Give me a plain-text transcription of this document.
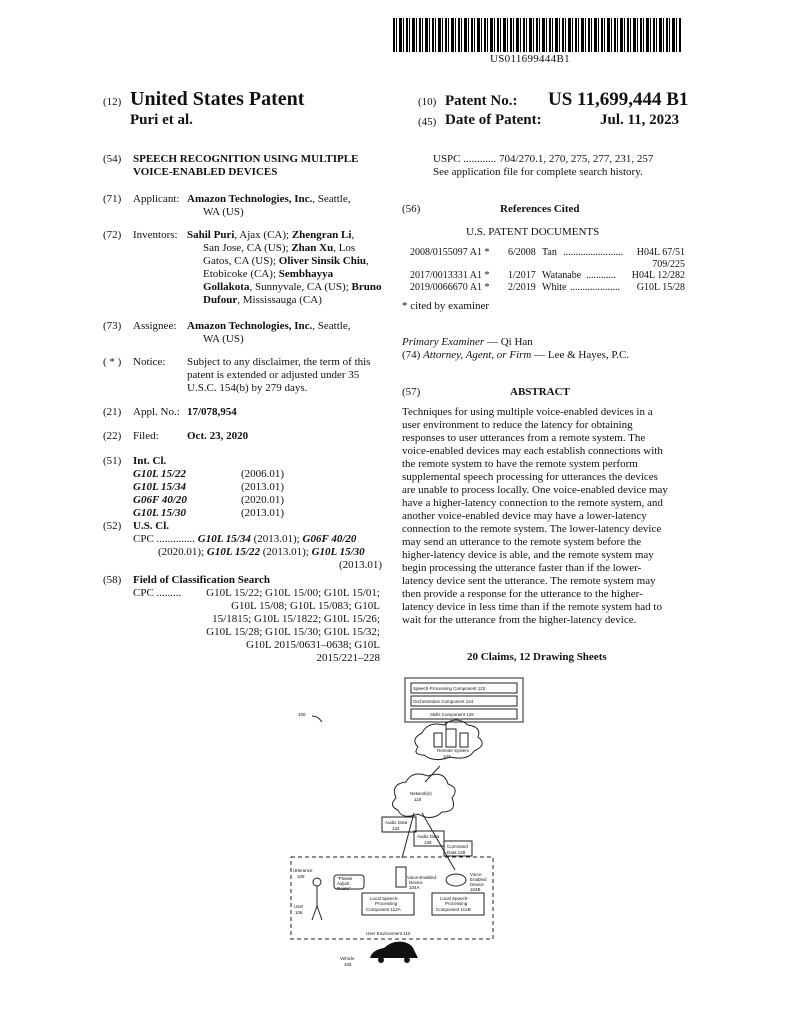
US011699444B1
(12) United States Patent
Puri et al.
(10) Patent No.: US 11,699,444 B1
(45) Date of Patent:	Jul. 11, 2023
(54) SPEECH RECOGNITION USING MULTIPLE
VOICE-ENABLED DEVICES
(71) Applicant: Amazon Technologies, Inc., Seattle,
WA (US)
(72) Inventors: Sahil Puri, Ajax (CA); Zhengran Li,
San Jose, CA (US); Zhan Xu, Los
Gatos, CA (US); Oliver Sinsik Chiu,
Etobicoke (CA); Sembhayya
Gollakota, Sunnyvale, CA (US); Bruno
Dufour, Mississauga (CA)
(73) Assignee: Amazon Technologies, Inc., Seattle,
WA (US)
( * ) Notice: Subject to any disclaimer, the term of this
patent is extended or adjusted under 35
U.S.C. 154(b) by 279 days.
(21) Appl. No.: 17/078,954
(22) Filed:	Oct. 23, 2020
(51) Int. Cl.
G10L 15/22	(2006.01)
G10L 15/34	(2013.01)
G06F 40/20	(2020.01)
G10L 15/30	(2013.01)
(52) U.S. Cl.
CPC .............. G10L 15/34 (2013.01); G06F 40/20
(2020.01); G10L 15/22 (2013.01); G10L 15/30
(2013.01)
(58) Field of Classification Search
CPC .........	G10L 15/22; G10L 15/00; G10L 15/01;
G10L 15/08; G10L 15/083; G10L
15/1815; G10L 15/1822; G10L 15/26;
G10L 15/28; G10L 15/30; G10L 15/32;
G10L 2015/0631–0638; G10L
2015/221–228
USPC ............ 704/270.1, 270, 275, 277, 231, 257
See application file for complete search history.
(56)	References Cited
U.S. PATENT DOCUMENTS
2008/0155097 A1 * 6/2008 Tan ........................ H04L 67/51
709/225
2017/0013331 A1 * 1/2017 Watanabe ............ H04L 12/282
2019/0066670 A1 * 2/2019 White .................... G10L 15/28
* cited by examiner
Primary Examiner — Qi Han
(74) Attorney, Agent, or Firm — Lee & Hayes, P.C.
(57)	ABSTRACT
Techniques for using multiple voice-enabled devices in a
user environment to reduce the latency for obtaining
responses to user utterances from a remote system. The
voice-enabled devices may each establish connections with
the remote system to have the remote system perform
supplemental speech processing for utterances the devices
are unable to process locally. One voice-enabled device may
have a higher-latency connection to the remote system, and
another voice-enabled device may have a lower-latency
connection to the remote system. The lower-latency device
may send an utterance to the remote system before the
higher-latency device is able, and the remote system may
begin processing the utterance faster than if the lower-
latency device sent the utterance. The remote system may
then provide a response for the utterance to the higher-
latency device in less time than if the remote system had to
wait for the utterance from the higher-latency device.
20 Claims, 12 Drawing Sheets
Speech-Processing Component 122
Orchestration Component 124
Skills Component 126
Remote System
102
Network(s)
118
Audio Data
134
Audio Data
136
Command
Data 128
Utterance
108	"Please
Adjust
Route"
User
106
Voice-Enabled
Device
104A
Voice-
Enabled
Device
104B
Local Speech-
Processing
Component 112A
Local Speech-
Processing
Component 112B
User Environment 110
Vehicle
105
100
